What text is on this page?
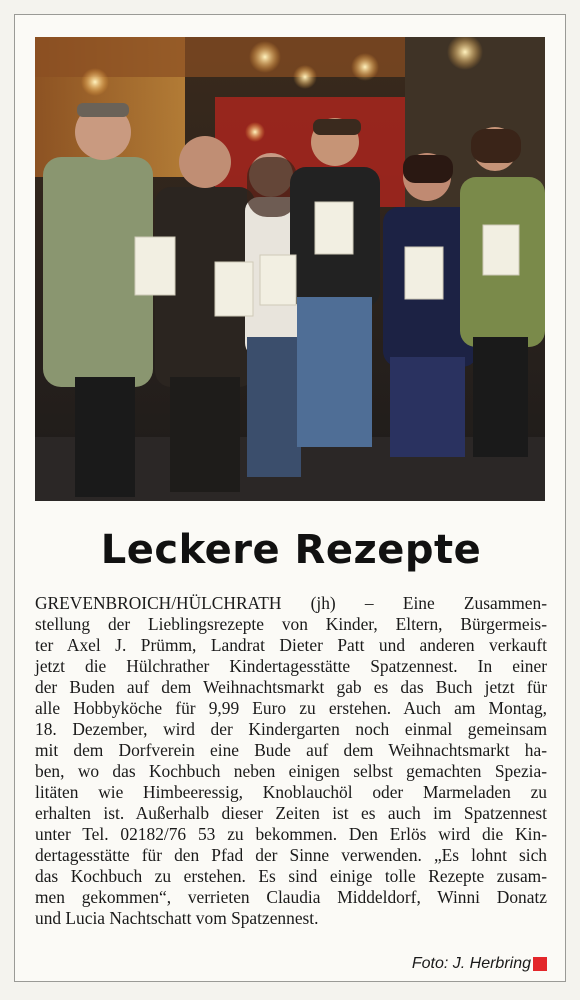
Leckere Rezepte
GREVENBROICH/HÜLCHRATH (jh) – Eine Zusammen-
stellung der Lieblingsrezepte von Kinder, Eltern, Bürgermeis-
ter Axel J. Prümm, Landrat Dieter Patt und anderen verkauft
jetzt die Hülchrather Kindertagesstätte Spatzennest. In einer
der Buden auf dem Weihnachtsmarkt gab es das Buch jetzt für
alle Hobbyköche für 9,99 Euro zu erstehen. Auch am Montag,
18. Dezember, wird der Kindergarten noch einmal gemeinsam
mit dem Dorfverein eine Bude auf dem Weihnachtsmarkt ha-
ben, wo das Kochbuch neben einigen selbst gemachten Spezia-
litäten wie Himbeeressig, Knoblauchöl oder Marmeladen zu
erhalten ist. Außerhalb dieser Zeiten ist es auch im Spatzennest
unter Tel. 02182/76 53 zu bekommen. Den Erlös wird die Kin-
dertagesstätte für den Pfad der Sinne verwenden. „Es lohnt sich
das Kochbuch zu erstehen. Es sind einige tolle Rezepte zusam-
men gekommen“, verrieten Claudia Middeldorf, Winni Donatz
und Lucia Nachtschatt vom Spatzennest.
Foto: J. Herbring
